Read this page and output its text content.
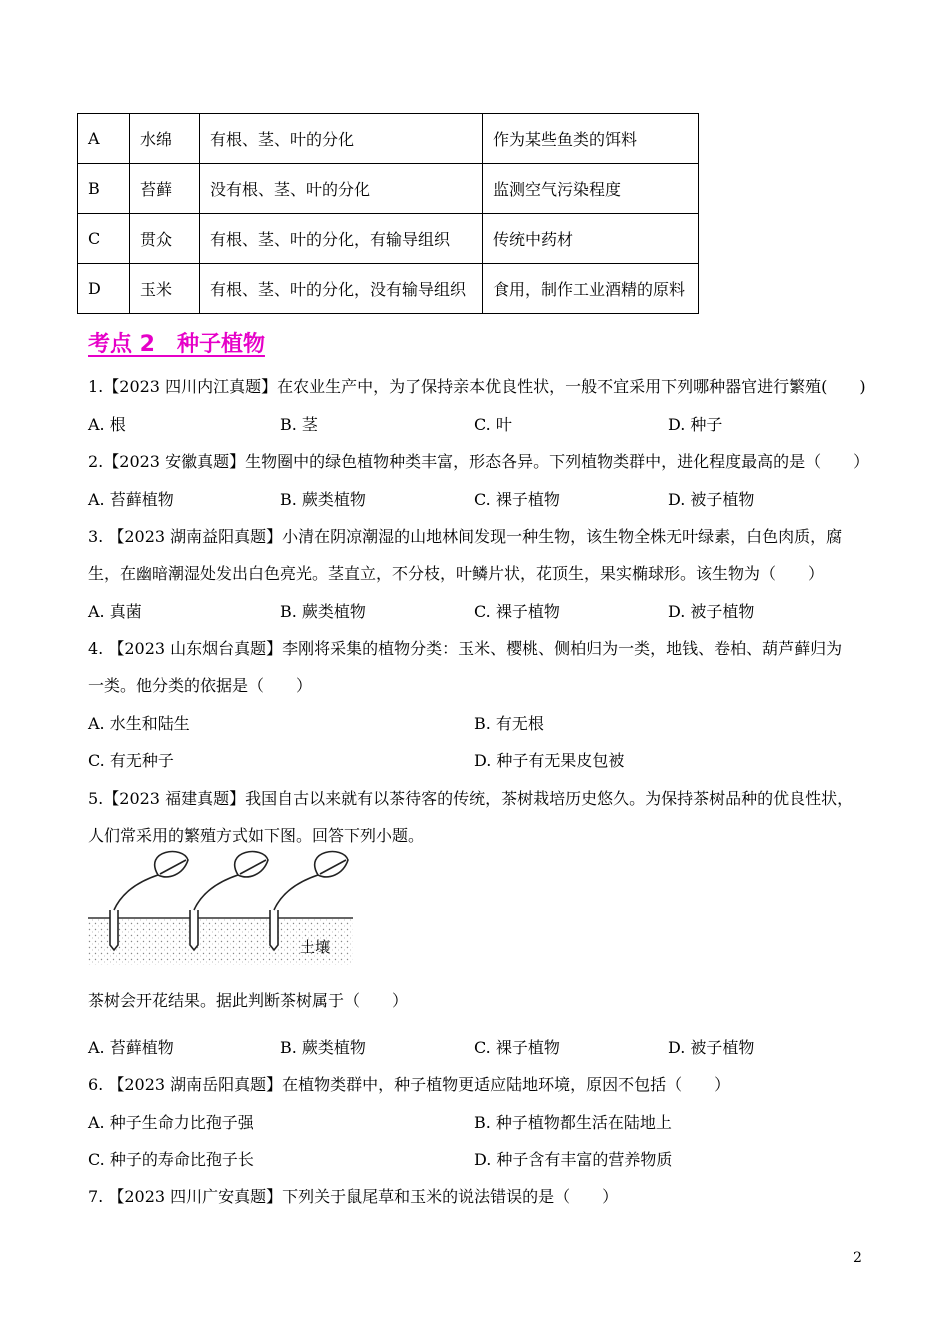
A	水绵	有根、茎、叶的分化	作为某些鱼类的饵料
B	苔藓	没有根、茎、叶的分化	监测空气污染程度
C	贯众	有根、茎、叶的分化，有输导组织	传统中药材
D	玉米	有根、茎、叶的分化，没有输导组织	食用，制作工业酒精的原料
考点 2　种子植物
1.【2023 四川内江真题】在农业生产中，为了保持亲本优良性状，一般不宜采用下列哪种器官进行繁殖(　　)
A. 根	B. 茎	C. 叶	D. 种子
2.【2023 安徽真题】生物圈中的绿色植物种类丰富，形态各异。下列植物类群中，进化程度最高的是（　　）
A. 苔藓植物	B. 蕨类植物	C. 裸子植物	D. 被子植物
3. 【2023 湖南益阳真题】小清在阴凉潮湿的山地林间发现一种生物，该生物全株无叶绿素，白色肉质，腐
生，在幽暗潮湿处发出白色亮光。茎直立，不分枝，叶鳞片状，花顶生，果实椭球形。该生物为（　　）
A. 真菌	B. 蕨类植物	C. 裸子植物	D. 被子植物
4. 【2023 山东烟台真题】李刚将采集的植物分类：玉米、樱桃、侧柏归为一类，地钱、卷柏、葫芦藓归为
一类。他分类的依据是（　　）
A. 水生和陆生	B. 有无根
C. 有无种子	D. 种子有无果皮包被
5.【2023 福建真题】我国自古以来就有以茶待客的传统，茶树栽培历史悠久。为保持茶树品种的优良性状，
人们常采用的繁殖方式如下图。回答下列小题。
土壤
茶树会开花结果。据此判断茶树属于（　　）
A. 苔藓植物	B. 蕨类植物	C. 裸子植物	D. 被子植物
6. 【2023 湖南岳阳真题】在植物类群中，种子植物更适应陆地环境，原因不包括（　　）
A. 种子生命力比孢子强	B. 种子植物都生活在陆地上
C. 种子的寿命比孢子长	D. 种子含有丰富的营养物质
7. 【2023 四川广安真题】下列关于鼠尾草和玉米的说法错误的是（　　）
2
